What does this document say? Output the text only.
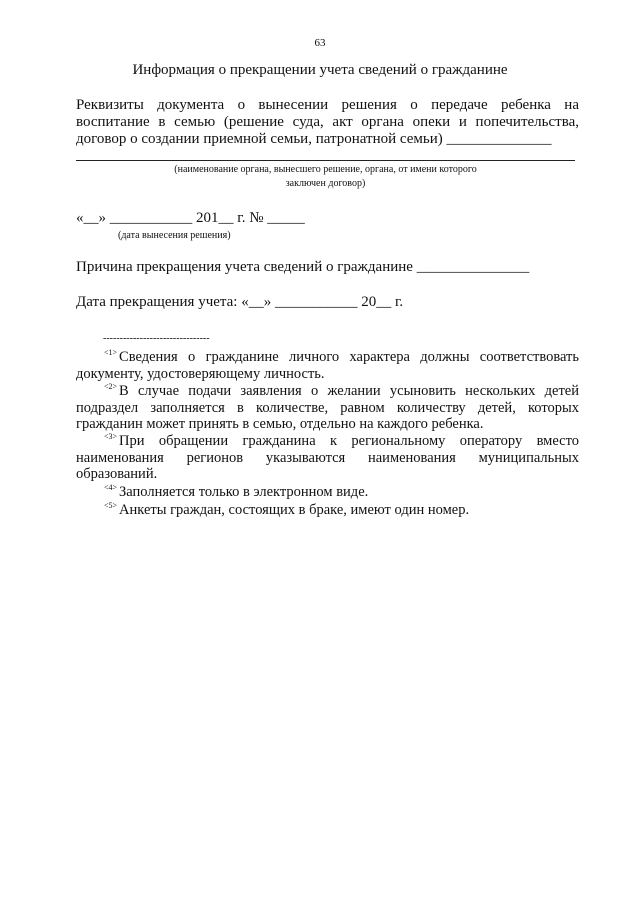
63
Информация о прекращении учета сведений о гражданине
Реквизиты документа о вынесении решения о передаче ребенка на
воспитание в семью (решение суда, акт органа опеки и попечительства,
договор о создании приемной семьи, патронатной семьи) ______________
(наименование органа, вынесшего решение, органа, от имени которого
заключен договор)
«__» ___________ 201__ г. № _____
(дата вынесения решения)
Причина прекращения учета сведений о гражданине _______________
Дата прекращения учета: «__» ___________ 20__ г.
--------------------------------
$^{<1>}$ Сведения о гражданине личного характера должны соответствовать
документу, удостоверяющему личность.
$^{<2>}$ В случае подачи заявления о желании усыновить нескольких детей
подраздел заполняется в количестве, равном количеству детей, которых
гражданин может принять в семью, отдельно на каждого ребенка.
$^{<3>}$ При обращении гражданина к региональному оператору вместо
наименования регионов указываются наименования муниципальных
образований.
$^{<4>}$ Заполняется только в электронном виде.
$^{<5>}$ Анкеты граждан, состоящих в браке, имеют один номер.
